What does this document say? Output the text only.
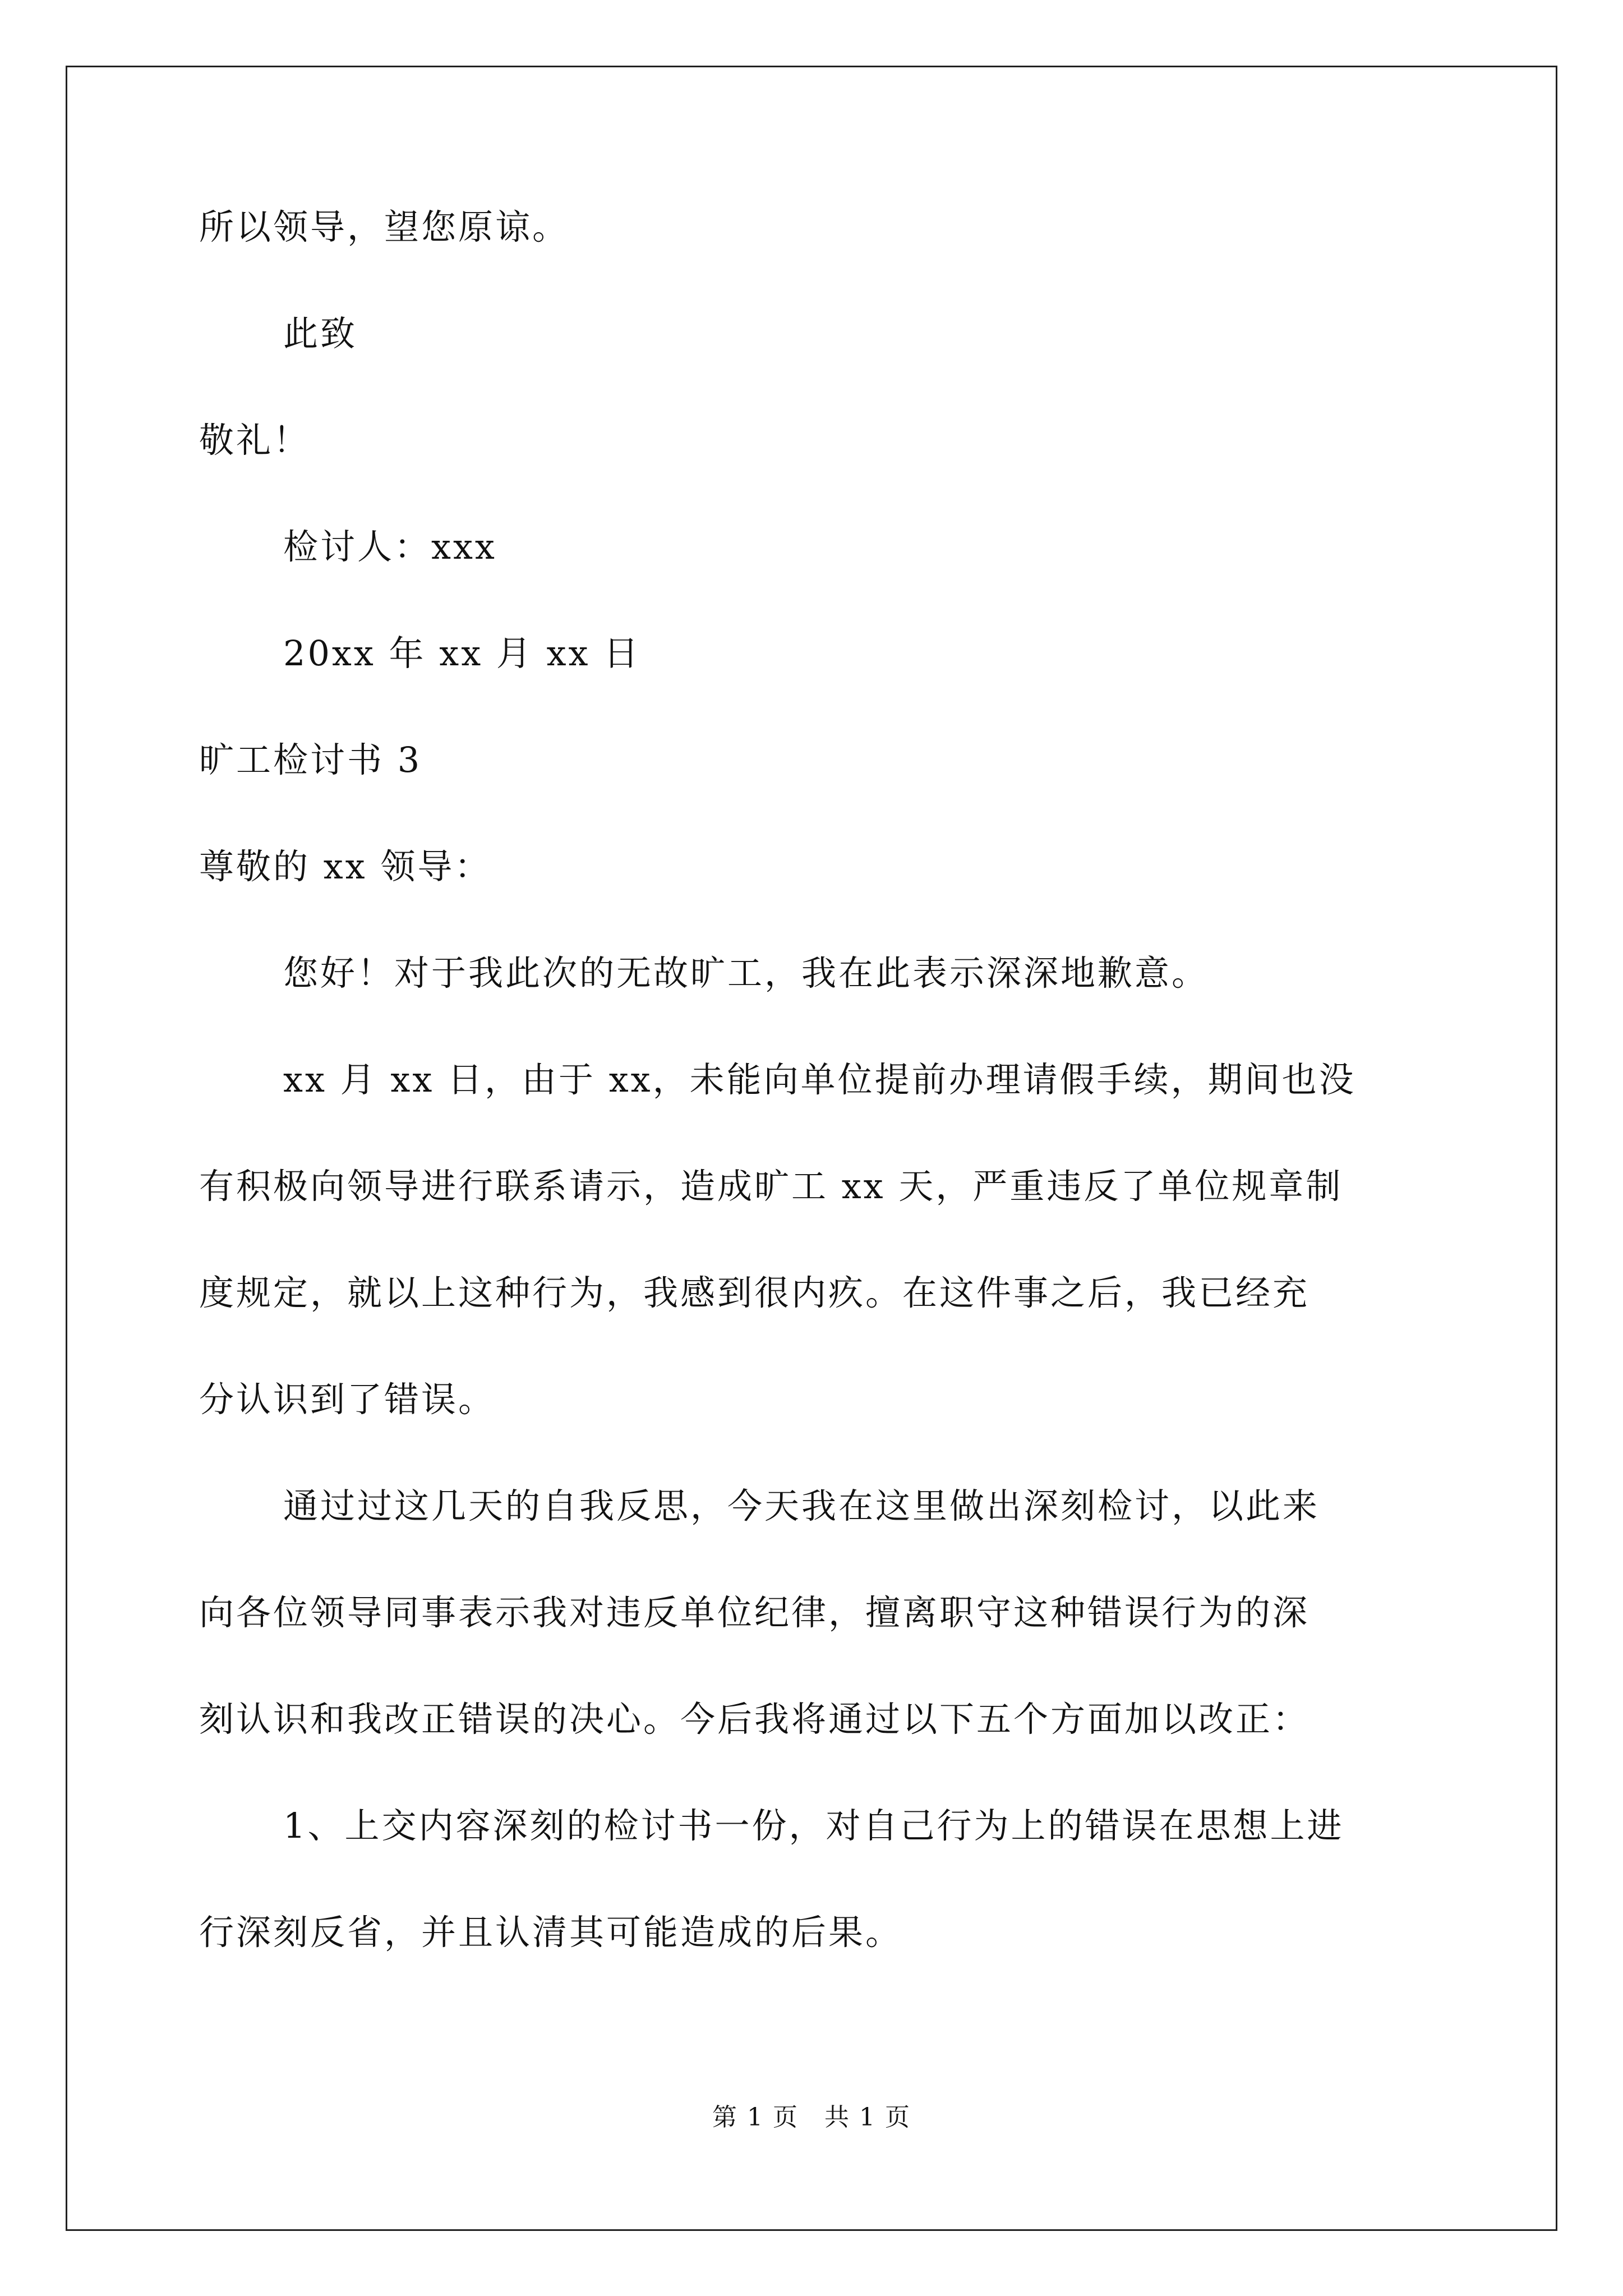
所以领导，望您原谅。
此致
敬礼！
检讨人：xxx
20xx 年 xx 月 xx 日
旷工检讨书 3
尊敬的 xx 领导：
您好！对于我此次的无故旷工，我在此表示深深地歉意。
xx 月 xx 日，由于 xx，未能向单位提前办理请假手续，期间也没
有积极向领导进行联系请示，造成旷工 xx 天，严重违反了单位规章制
度规定，就以上这种行为，我感到很内疚。在这件事之后，我已经充
分认识到了错误。
通过过这几天的自我反思，今天我在这里做出深刻检讨，以此来
向各位领导同事表示我对违反单位纪律，擅离职守这种错误行为的深
刻认识和我改正错误的决心。今后我将通过以下五个方面加以改正：
1、上交内容深刻的检讨书一份，对自己行为上的错误在思想上进
行深刻反省，并且认清其可能造成的后果。
第 1 页　共 1 页
